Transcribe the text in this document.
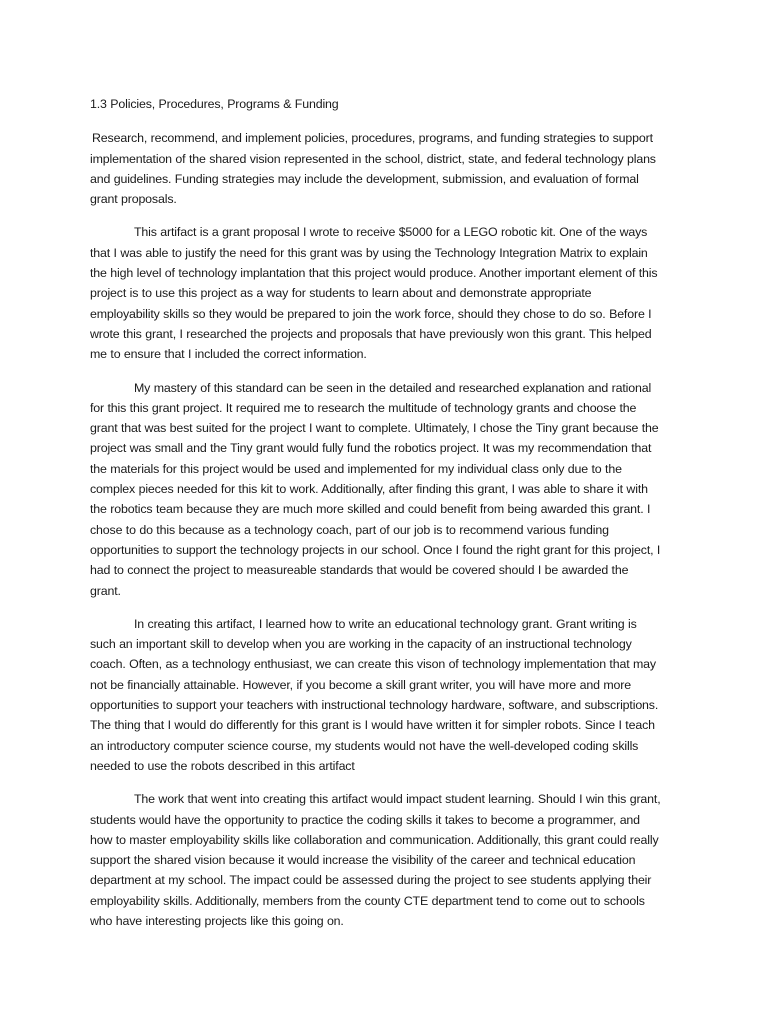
1.3 Policies, Procedures, Programs & Funding

Research, recommend, and implement policies, procedures, programs, and funding strategies to support implementation of the shared vision represented in the school, district, state, and federal technology plans and guidelines. Funding strategies may include the development, submission, and evaluation of formal grant proposals.

This artifact is a grant proposal I wrote to receive $5000 for a LEGO robotic kit. One of the ways that I was able to justify the need for this grant was by using the Technology Integration Matrix to explain the high level of technology implantation that this project would produce. Another important element of this project is to use this project as a way for students to learn about and demonstrate appropriate employability skills so they would be prepared to join the work force, should they chose to do so. Before I wrote this grant, I researched the projects and proposals that have previously won this grant. This helped me to ensure that I included the correct information.

My mastery of this standard can be seen in the detailed and researched explanation and rational for this this grant project. It required me to research the multitude of technology grants and choose the grant that was best suited for the project I want to complete. Ultimately, I chose the Tiny grant because the project was small and the Tiny grant would fully fund the robotics project. It was my recommendation that the materials for this project would be used and implemented for my individual class only due to the complex pieces needed for this kit to work. Additionally, after finding this grant, I was able to share it with the robotics team because they are much more skilled and could benefit from being awarded this grant. I chose to do this because as a technology coach, part of our job is to recommend various funding opportunities to support the technology projects in our school. Once I found the right grant for this project, I had to connect the project to measureable standards that would be covered should I be awarded the grant.

In creating this artifact, I learned how to write an educational technology grant. Grant writing is such an important skill to develop when you are working in the capacity of an instructional technology coach. Often, as a technology enthusiast, we can create this vison of technology implementation that may not be financially attainable. However, if you become a skill grant writer, you will have more and more opportunities to support your teachers with instructional technology hardware, software, and subscriptions. The thing that I would do differently for this grant is I would have written it for simpler robots. Since I teach an introductory computer science course, my students would not have the well-developed coding skills needed to use the robots described in this artifact

The work that went into creating this artifact would impact student learning. Should I win this grant, students would have the opportunity to practice the coding skills it takes to become a programmer, and how to master employability skills like collaboration and communication. Additionally, this grant could really support the shared vision because it would increase the visibility of the career and technical education department at my school. The impact could be assessed during the project to see students applying their employability skills. Additionally, members from the county CTE department tend to come out to schools who have interesting projects like this going on.
